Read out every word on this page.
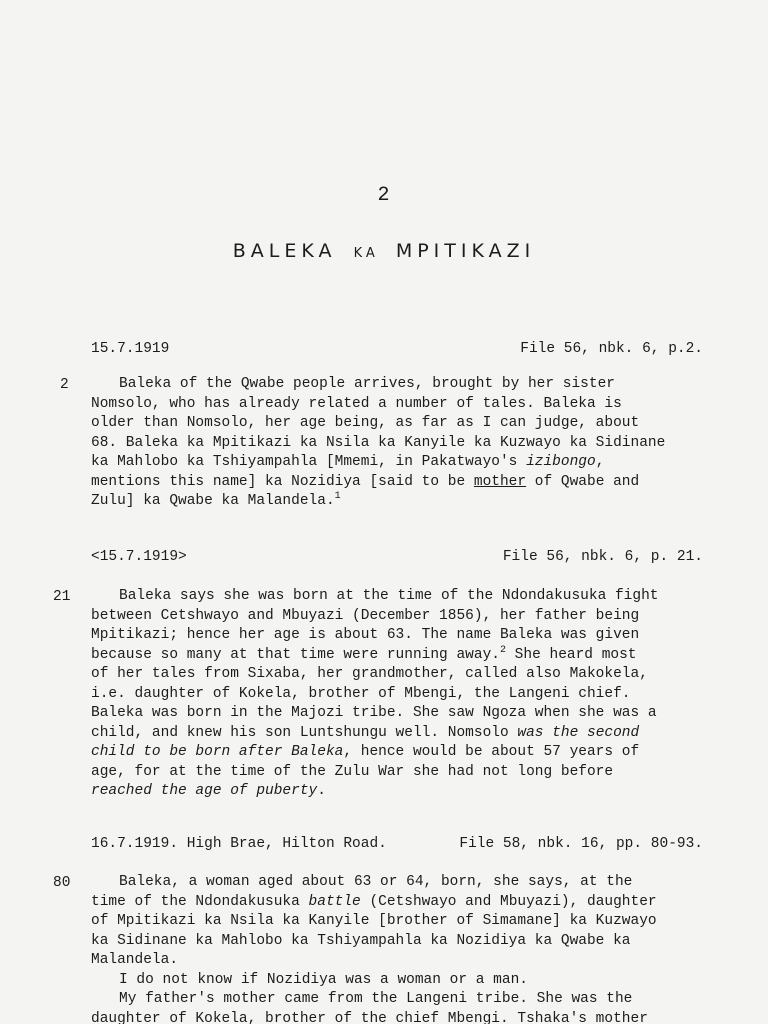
2
BALEKA KA MPITIKAZI
15.7.1919	File 56, nbk. 6, p.2.
2	Baleka of the Qwabe people arrives, brought by her sister
Nomsolo, who has already related a number of tales. Baleka is
older than Nomsolo, her age being, as far as I can judge, about
68. Baleka ka Mpitikazi ka Nsila ka Kanyile ka Kuzwayo ka Sidinane
ka Mahlobo ka Tshiyampahla [Mmemi, in Pakatwayo's izibongo,
mentions this name] ka Nozidiya [said to be mother of Qwabe and
Zulu] ka Qwabe ka Malandela.$^1$
<15.7.1919>	File 56, nbk. 6, p. 21.
21	Baleka says she was born at the time of the Ndondakusuka fight
between Cetshwayo and Mbuyazi (December 1856), her father being
Mpitikazi; hence her age is about 63. The name Baleka was given
because so many at that time were running away.$^2$ She heard most
of her tales from Sixaba, her grandmother, called also Makokela,
i.e. daughter of Kokela, brother of Mbengi, the Langeni chief.
Baleka was born in the Majozi tribe. She saw Ngoza when she was a
child, and knew his son Luntshungu well. Nomsolo was the second
child to be born after Baleka, hence would be about 57 years of
age, for at the time of the Zulu War she had not long before
reached the age of puberty.
16.7.1919. High Brae, Hilton Road.	File 58, nbk. 16, pp. 80-93.
80	Baleka, a woman aged about 63 or 64, born, she says, at the
time of the Ndondakusuka battle (Cetshwayo and Mbuyazi), daughter
of Mpitikazi ka Nsila ka Kanyile [brother of Simamane] ka Kuzwayo
ka Sidinane ka Mahlobo ka Tshiyampahla ka Nozidiya ka Qwabe ka
Malandela.
I do not know if Nozidiya was a woman or a man.
My father's mother came from the Langeni tribe. She was the
daughter of Kokela, brother of the chief Mbengi. Tshaka's mother
